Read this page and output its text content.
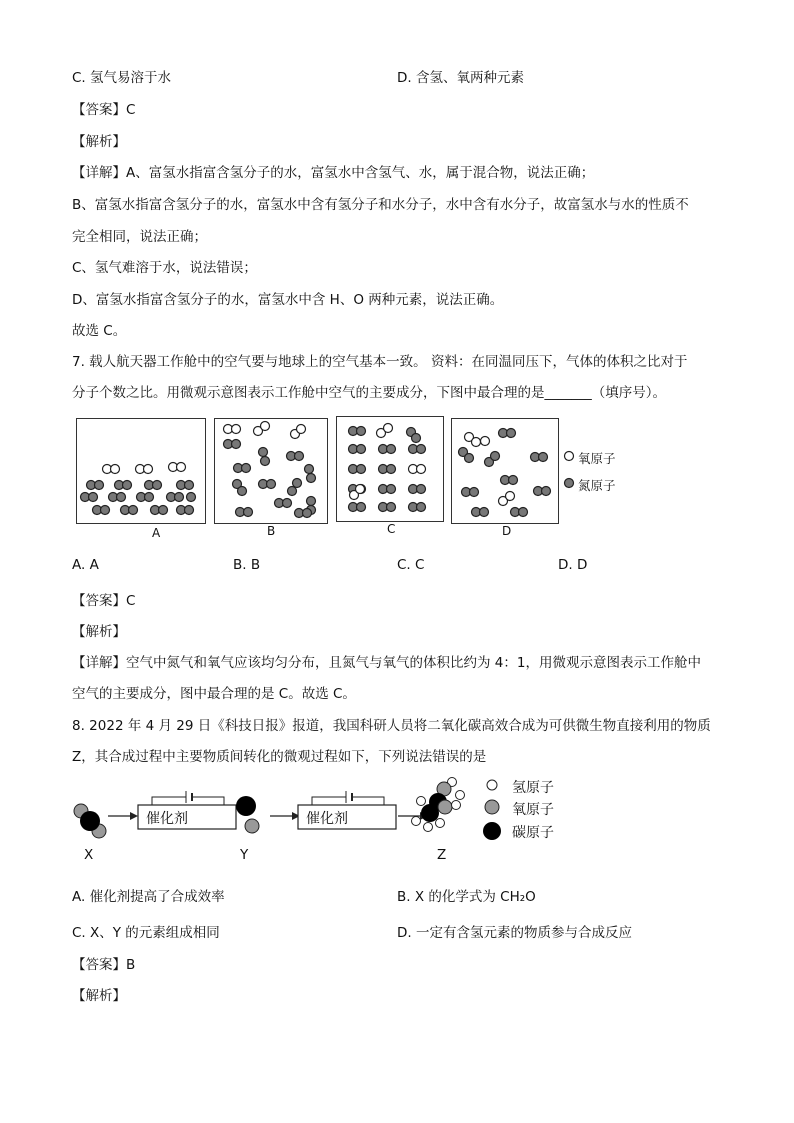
C. 氢气易溶于水	D. 含氢、氧两种元素
【答案】C
【解析】
【详解】A、富氢水指富含氢分子的水，富氢水中含氢气、水，属于混合物，说法正确；
B、富氢水指富含氢分子的水，富氢水中含有氢分子和水分子，水中含有水分子，故富氢水与水的性质不
完全相同，说法正确；
C、氢气难溶于水，说法错误；
D、富氢水指富含氢分子的水，富氢水中含 H、O 两种元素，说法正确。
故选 C。
7. 载人航天器工作舱中的空气要与地球上的空气基本一致。 资料：在同温同压下，气体的体积之比对于
分子个数之比。用微观示意图表示工作舱中空气的主要成分，下图中最合理的是_______（填序号）。
A	B	C	D
氧原子
氮原子
A. A	B. B	C. C	D. D
【答案】C
【解析】
【详解】空气中氮气和氧气应该均匀分布，且氮气与氧气的体积比约为 4：1，用微观示意图表示工作舱中
空气的主要成分，图中最合理的是 C。故选 C。
8. 2022 年 4 月 29 日《科技日报》报道，我国科研人员将二氧化碳高效合成为可供微生物直接利用的物质
Z，其合成过程中主要物质间转化的微观过程如下，下列说法错误的是
催化剂	催化剂
X	Y	Z
氢原子
氧原子
碳原子
A. 催化剂提高了合成效率	B. X 的化学式为 CH₂O
C. X、Y 的元素组成相同	D. 一定有含氢元素的物质参与合成反应
【答案】B
【解析】
